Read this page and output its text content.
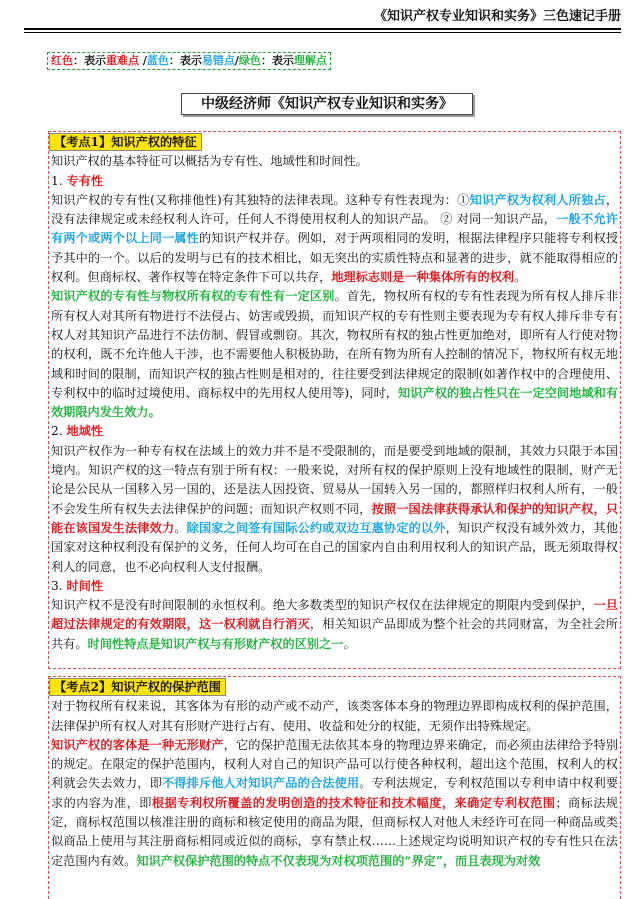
《知识产权专业知识和实务》三色速记手册
红色：表示重难点 /蓝色：表示易错点/绿色：表示理解点
中级经济师《知识产权专业知识和实务》
【考点1】知识产权的特征

知识产权的基本特征可以概括为专有性、地域性和时间性。

1. 专有性

知识产权的专有性(又称排他性)有其独特的法律表现。这种专有性表现为：①知识产权为权利人所独占，没有法律规定或未经权利人许可，任何人不得使用权利人的知识产品。 ② 对同一知识产品，一般不允许有两个或两个以上同一属性的知识产权并存。例如，对于两项相同的发明，根据法律程序只能将专利权授予其中的一个。以后的发明与已有的技术相比，如无突出的实质性特点和显著的进步，就不能取得相应的权利。但商标权、著作权等在特定条件下可以共存，地理标志则是一种集体所有的权利。

知识产权的专有性与物权所有权的专有性有一定区别。首先，物权所有权的专有性表现为所有权人排斥非所有权人对其所有物进行不法侵占、妨害或毁损，而知识产权的专有性则主要表现为专有权人排斥非专有权人对其知识产品进行不法仿制、假冒或剽窃。其次，物权所有权的独占性更加绝对，即所有人行使对物的权利，既不允许他人干涉，也不需要他人积极协助，在所有物为所有人控制的情况下，物权所有权无地域和时间的限制，而知识产权的独占性则是相对的，往往要受到法律规定的限制(如著作权中的合理使用、专利权中的临时过境使用、商标权中的先用权人使用等)，同时，知识产权的独占性只在一定空间地域和有效期限内发生效力。

2. 地域性

知识产权作为一种专有权在法域上的效力并不是不受限制的，而是要受到地域的限制，其效力只限于本国境内。知识产权的这一特点有别于所有权：一般来说，对所有权的保护原则上没有地域性的限制，财产无论是公民从一国移入另一国的，还是法人因投资、贸易从一国转入另一国的，都照样归权利人所有，一般不会发生所有权失去法律保护的问题；而知识产权则不同，按照一国法律获得承认和保护的知识产权，只能在该国发生法律效力。除国家之间签有国际公约或双边互惠协定的以外，知识产权没有域外效力，其他国家对这种权利没有保护的义务，任何人均可在自己的国家内自由利用权利人的知识产品，既无须取得权利人的同意，也不必向权利人支付报酬。

3. 时间性

知识产权不是没有时间限制的永恒权利。绝大多数类型的知识产权仅在法律规定的期限内受到保护，一旦超过法律规定的有效期限，这一权利就自行消灭，相关知识产品即成为整个社会的共同财富，为全社会所共有。时间性特点是知识产权与有形财产权的区别之一。

【考点2】知识产权的保护范围

对于物权所有权来说，其客体为有形的动产或不动产，该类客体本身的物理边界即构成权利的保护范围，法律保护所有权人对其有形财产进行占有、使用、收益和处分的权能，无须作出特殊规定。

知识产权的客体是一种无形财产，它的保护范围无法依其本身的物理边界来确定，而必须由法律给予特别的规定。在限定的保护范围内，权利人对自己的知识产品可以行使各种权利，超出这个范围，权利人的权利就会失去效力，即不得排斥他人对知识产品的合法使用。专利法规定，专利权范围以专利申请中权利要求的内容为准，即根据专利权所覆盖的发明创造的技术特征和技术幅度，来确定专利权范围；商标法规定，商标权范围以核准注册的商标和核定使用的商品为限，但商标权人对他人未经许可在同一种商品或类似商品上使用与其注册商标相同或近似的商标，享有禁止权……上述规定均说明知识产权的专有性只在法定范围内有效。知识产权保护范围的特点不仅表现为对权项范围的“界定”，而且表现为对效
